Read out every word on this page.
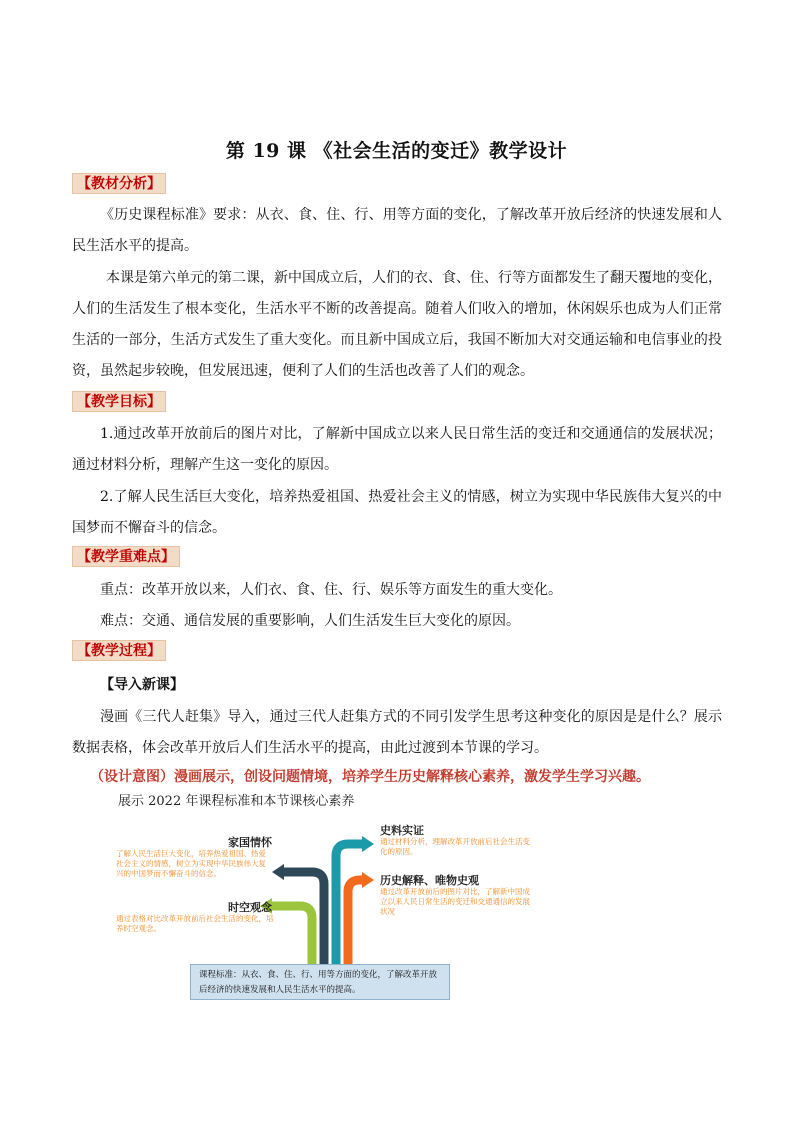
第 19 课 《社会生活的变迁》教学设计
【教材分析】

《历史课程标准》要求：从衣、食、住、行、用等方面的变化，了解改革开放后经济的快速发展和人民生活水平的提高。

本课是第六单元的第二课，新中国成立后，人们的衣、食、住、行等方面都发生了翻天覆地的变化，人们的生活发生了根本变化，生活水平不断的改善提高。随着人们收入的增加，休闲娱乐也成为人们正常生活的一部分，生活方式发生了重大变化。而且新中国成立后，我国不断加大对交通运输和电信事业的投资，虽然起步较晚，但发展迅速，便利了人们的生活也改善了人们的观念。

【教学目标】

1.通过改革开放前后的图片对比，了解新中国成立以来人民日常生活的变迁和交通通信的发展状况；通过材料分析，理解产生这一变化的原因。

2.了解人民生活巨大变化，培养热爱祖国、热爱社会主义的情感，树立为实现中华民族伟大复兴的中国梦而不懈奋斗的信念。

【教学重难点】

重点：改革开放以来，人们衣、食、住、行、娱乐等方面发生的重大变化。

难点：交通、通信发展的重要影响，人们生活发生巨大变化的原因。

【教学过程】
【导入新课】

漫画《三代人赶集》导入，通过三代人赶集方式的不同引发学生思考这种变化的原因是是什么？展示数据表格，体会改革开放后人们生活水平的提高，由此过渡到本节课的学习。

（设计意图）漫画展示，创设问题情境，培养学生历史解释核心素养，激发学生学习兴趣。
展示 2022 年课程标准和本节课核心素养
家国情怀
了解人民生活巨大变化，培养热爱祖国、热爱社会主义的情感，树立为实现中华民族伟大复兴的中国梦而不懈奋斗的信念。
时空观念
通过表格对比改革开放前后社会生活的变化，培养时空观念。
史料实证
通过材料分析，理解改革开放前后社会生活变化的原因。
历史解释、唯物史观
通过改革开放前后的图片对比，了解新中国成立以来人民日常生活的变迁和交通通信的发展状况
课程标准：从衣、食、住、行、用等方面的变化，了解改革开放后经济的快速发展和人民生活水平的提高。
